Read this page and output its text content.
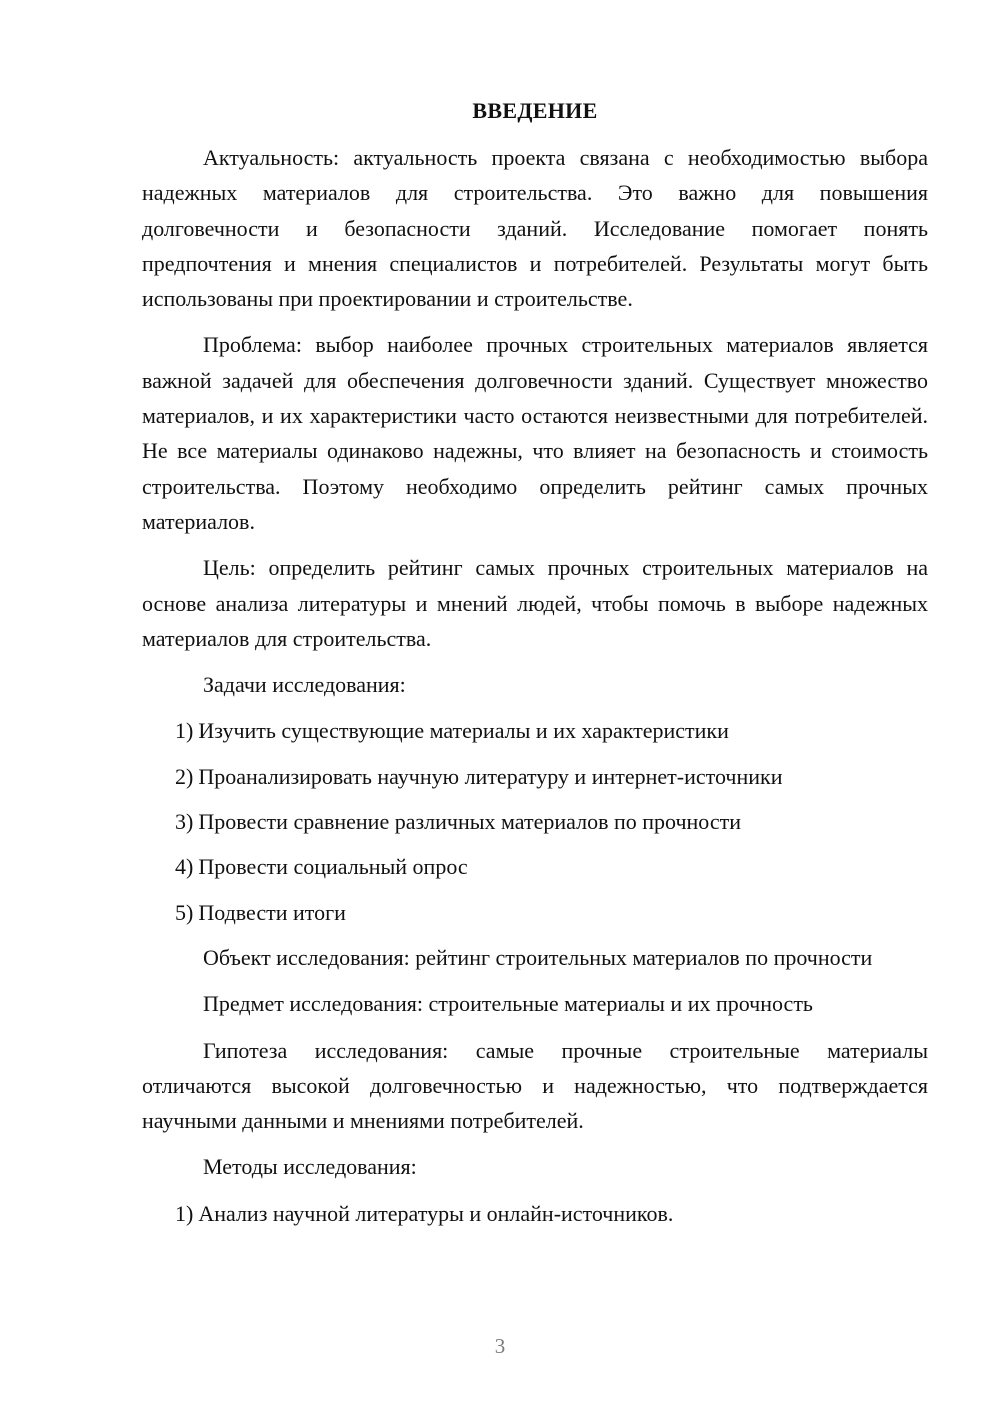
ВВЕДЕНИЕ

Актуальность: актуальность проекта связана с необходимостью выбора надежных материалов для строительства. Это важно для повышения долговечности и безопасности зданий. Исследование помогает понять предпочтения и мнения специалистов и потребителей. Результаты могут быть использованы при проектировании и строительстве.

Проблема: выбор наиболее прочных строительных материалов является важной задачей для обеспечения долговечности зданий. Существует множество материалов, и их характеристики часто остаются неизвестными для потребителей. Не все материалы одинаково надежны, что влияет на безопасность и стоимость строительства. Поэтому необходимо определить рейтинг самых прочных материалов.

Цель: определить рейтинг самых прочных строительных материалов на основе анализа литературы и мнений людей, чтобы помочь в выборе надежных материалов для строительства.

Задачи исследования:

1) Изучить существующие материалы и их характеристики
2) Проанализировать научную литературу и интернет-источники
3) Провести сравнение различных материалов по прочности
4) Провести социальный опрос
5) Подвести итоги

Объект исследования: рейтинг строительных материалов по прочности

Предмет исследования: строительные материалы и их прочность

Гипотеза исследования: самые прочные строительные материалы отличаются высокой долговечностью и надежностью, что подтверждается научными данными и мнениями потребителей.

Методы исследования:

1) Анализ научной литературы и онлайн-источников.
3
